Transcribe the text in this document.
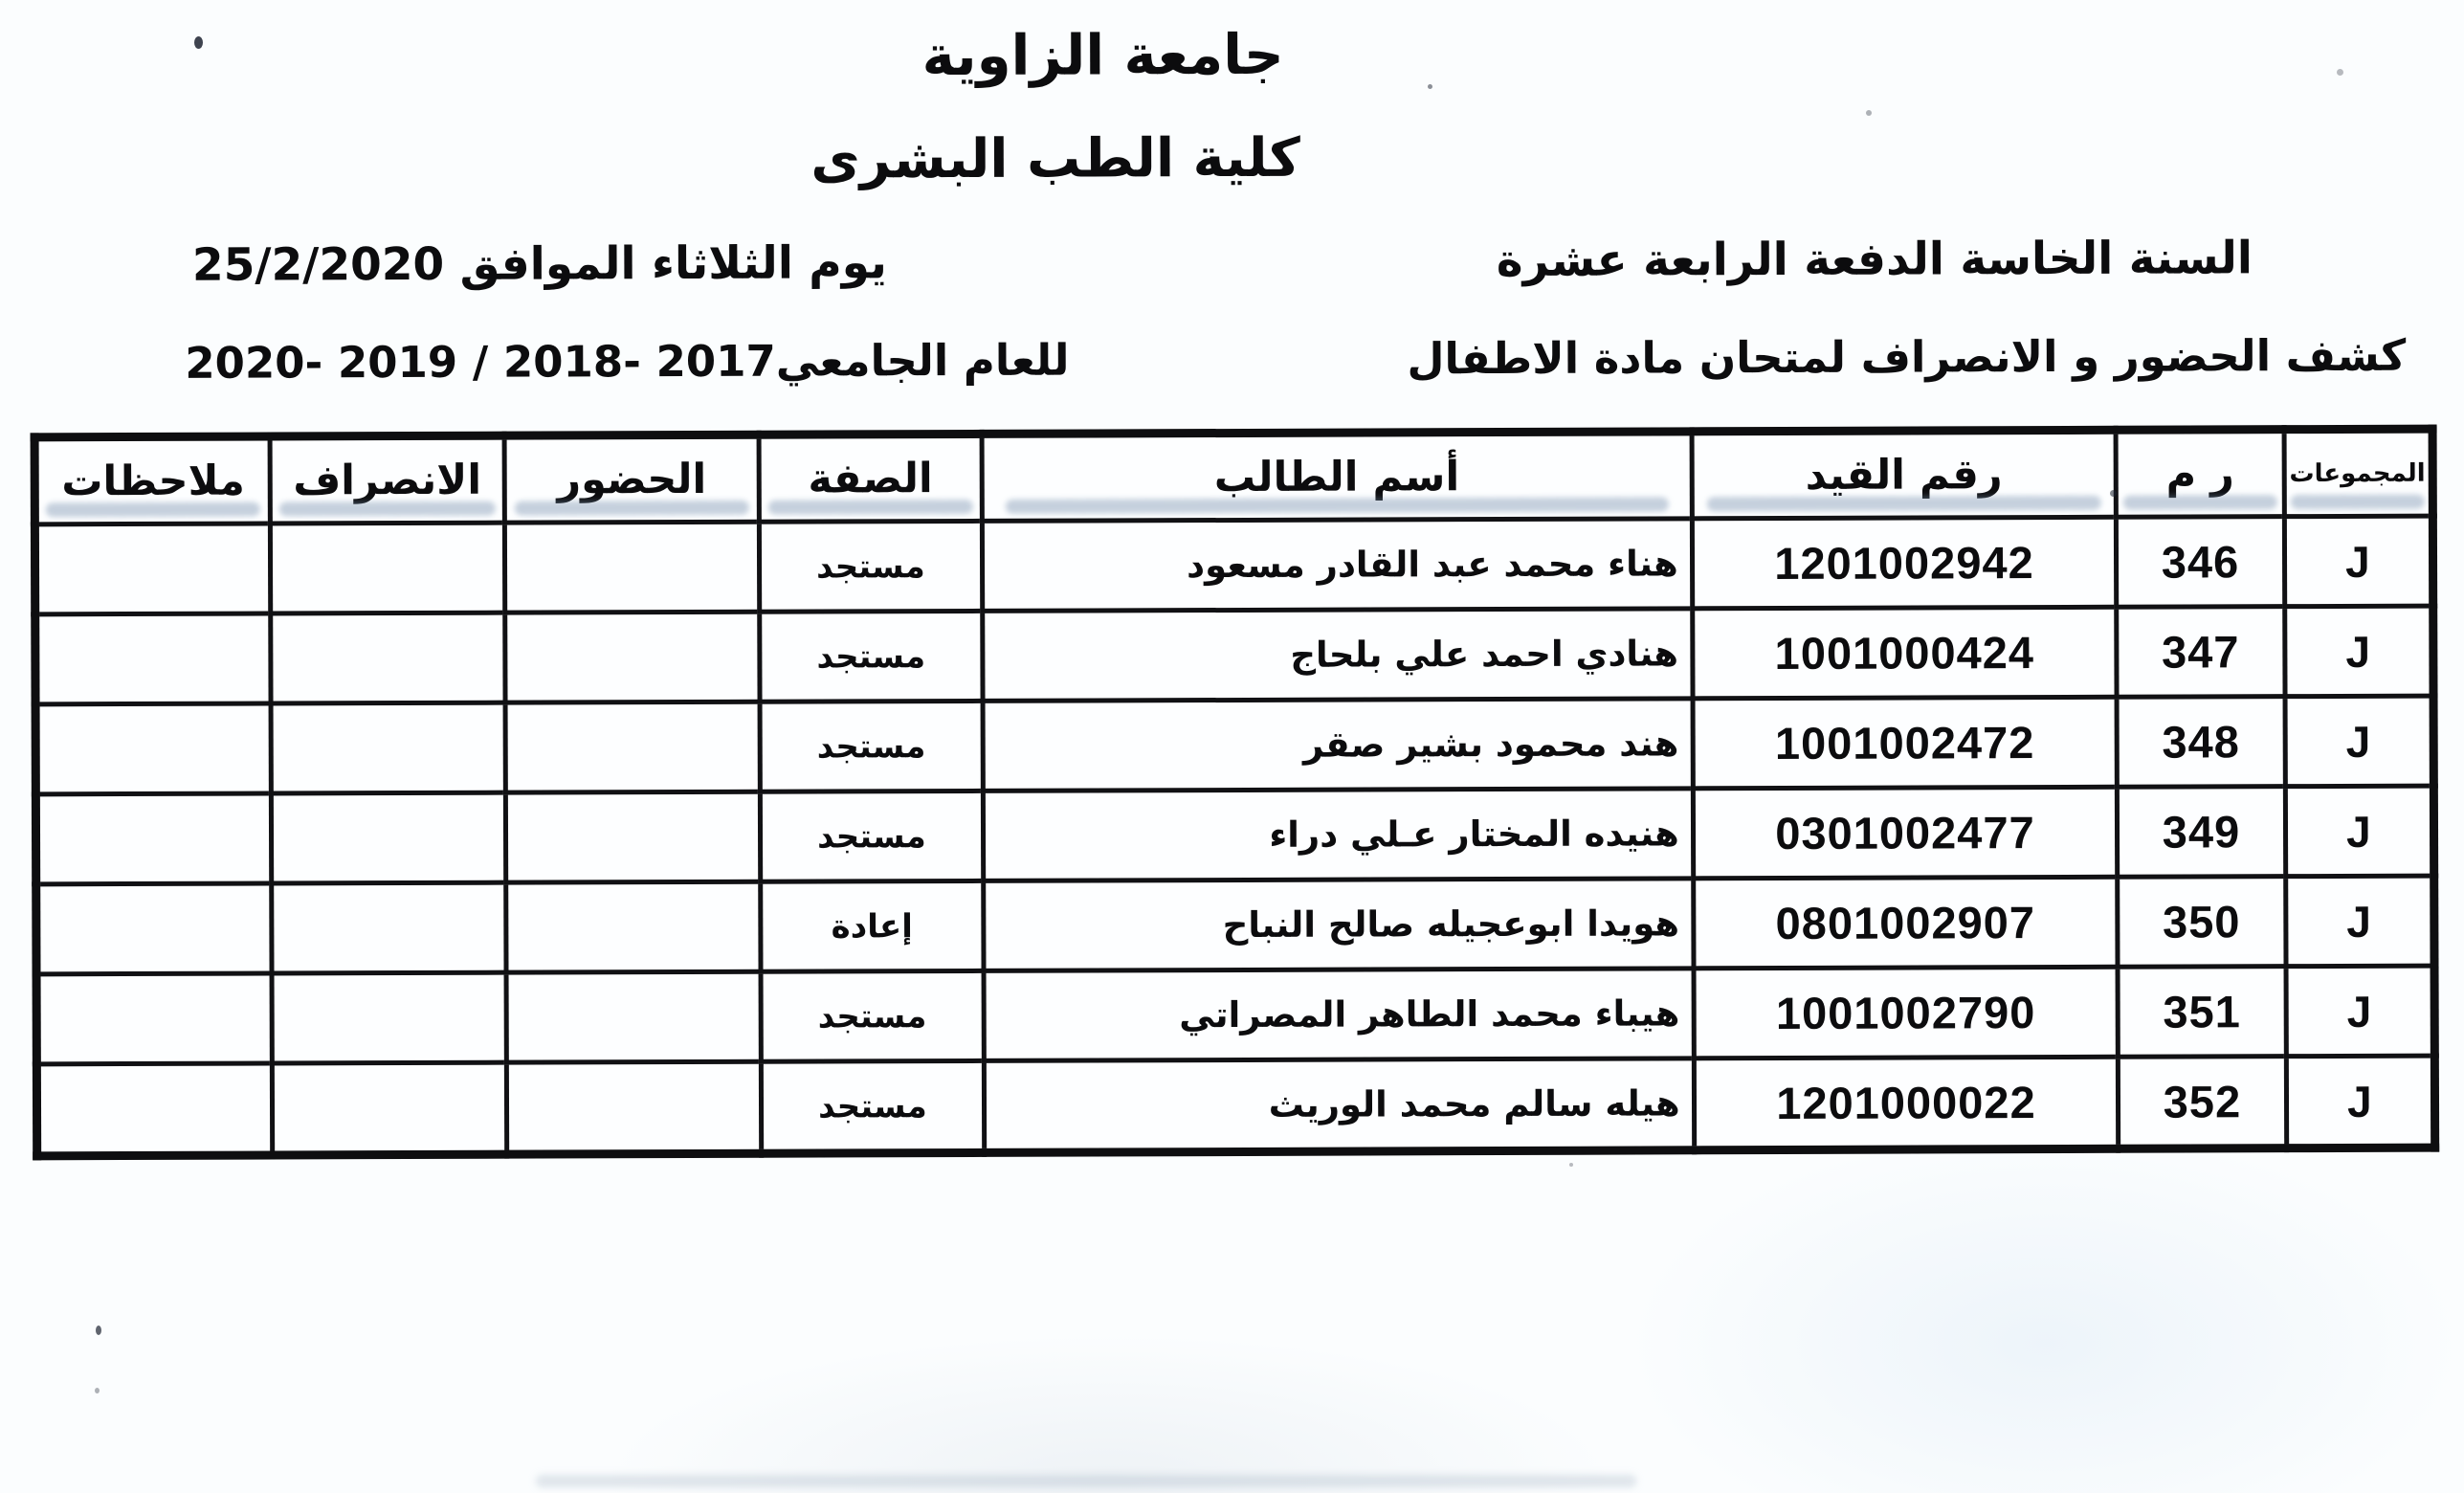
جامعة الزاوية
كلية الطب البشرى
السنة الخاسة الدفعة الرابعة عشرة
يوم الثلاثاء الموافق 25/2/2020
كشف الحضور و الانصراف لمتحان مادة الاطفال
للعام الجامعي2017 -2018 / 2019 -2020
المجموعات	ر م	رقم القيد	أسم الطالب	الصفة	الحضور	الانصراف	ملاحظات
J	346	1201002942	هناء محمد عبد القادر مسعود	مستجد			
J	347	1001000424	هنادي احمد علي بلحاج	مستجد			
J	348	1001002472	هند محمود بشير صقر	مستجد			
J	349	0301002477	هنيده المختار عـلي دراء	مستجد			
J	350	0801002907	هويدا ابوعجيله صالح النباح	إعادة			
J	351	1001002790	هيباء محمد الطاهر المصراتي	مستجد			
J	352	1201000022	هيله سالم محمد الوريث	مستجد			
